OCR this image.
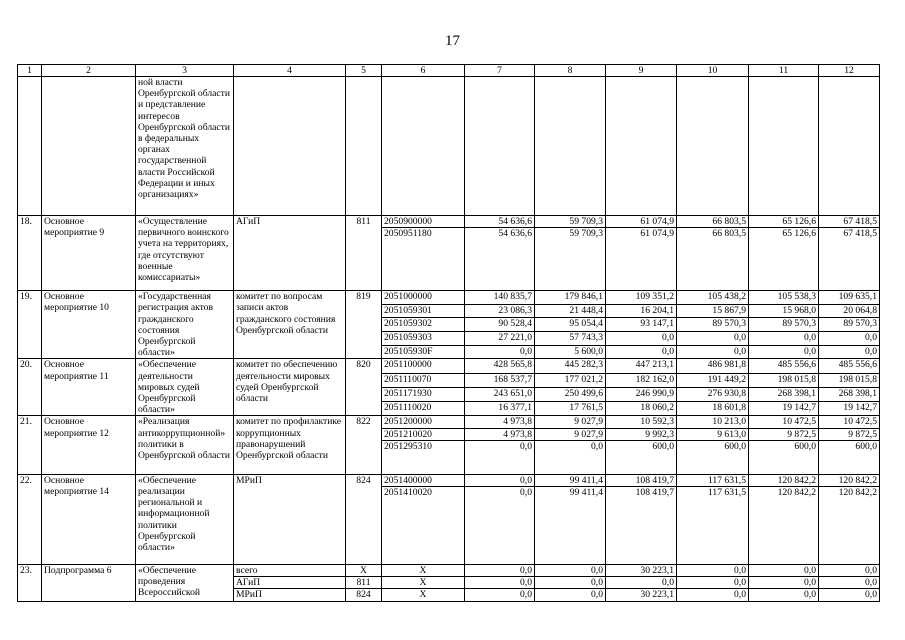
17
1	2	3	4	5	6	7	8	9	10	11	12
		ной власти Оренбургской области и представление интересов Оренбургской области в федеральных органах государственной власти Российской Федерации и иных организациях»									
18.	Основное мероприятие 9	«Осуществление первичного воинского учета на территориях, где отсутствуют военные комиссариаты»	АГиП	811	2050900000	54 636,6	59 709,3	61 074,9	66 803,5	65 126,6	67 418,5
					2050951180	54 636,6	59 709,3	61 074,9	66 803,5	65 126,6	67 418,5
19.	Основное мероприятие 10	«Государственная регистрация актов гражданского состояния Оренбургской области»	комитет по вопросам записи актов гражданского состояния Оренбургской области	819	2051000000	140 835,7	179 846,1	109 351,2	105 438,2	105 538,3	109 635,1
					2051059301	23 086,3	21 448,4	16 204,1	15 867,9	15 968,0	20 064,8
					2051059302	90 528,4	95 054,4	93 147,1	89 570,3	89 570,3	89 570,3
					2051059303	27 221,0	57 743,3	0,0	0,0	0,0	0,0
					205105930F	0,0	5 600,0	0,0	0,0	0,0	0,0
20.	Основное мероприятие 11	«Обеспечение деятельности мировых судей Оренбургской области»	комитет по обеспечению деятельности мировых судей Оренбургской области	820	2051100000	428 565,8	445 282,3	447 213,1	486 981,8	485 556,6	485 556,6
					2051110070	168 537,7	177 021,2	182 162,0	191 449,2	198 015,8	198 015,8
					2051171930	243 651,0	250 499,6	246 990,9	276 930,8	268 398,1	268 398,1
					2051110020	16 377,1	17 761,5	18 060,2	18 601,8	19 142,7	19 142,7
21.	Основное мероприятие 12	«Реализация антикоррупционной» политики в Оренбургской области	комитет по профилактике коррупционных правонарушений Оренбургской области	822	2051200000	4 973,8	9 027,9	10 592,3	10 213,0	10 472,5	10 472,5
					2051210020	4 973,8	9 027,9	9 992,3	9 613,0	9 872,5	9 872,5
					2051295310	0,0	0,0	600,0	600,0	600,0	600,0
22.	Основное мероприятие 14	«Обеспечение реализации региональной и информационной политики Оренбургской области»	МРиП	824	2051400000	0,0	99 411,4	108 419,7	117 631,5	120 842,2	120 842,2
					2051410020	0,0	99 411,4	108 419,7	117 631,5	120 842,2	120 842,2
23.	Подпрограмма 6	«Обеспечение проведения Всероссийской	всего	Х	Х	0,0	0,0	30 223,1	0,0	0,0	0,0
			АГиП	811	Х	0,0	0,0	0,0	0,0	0,0	0,0
			МРиП	824	Х	0,0	0,0	30 223,1	0,0	0,0	0,0
